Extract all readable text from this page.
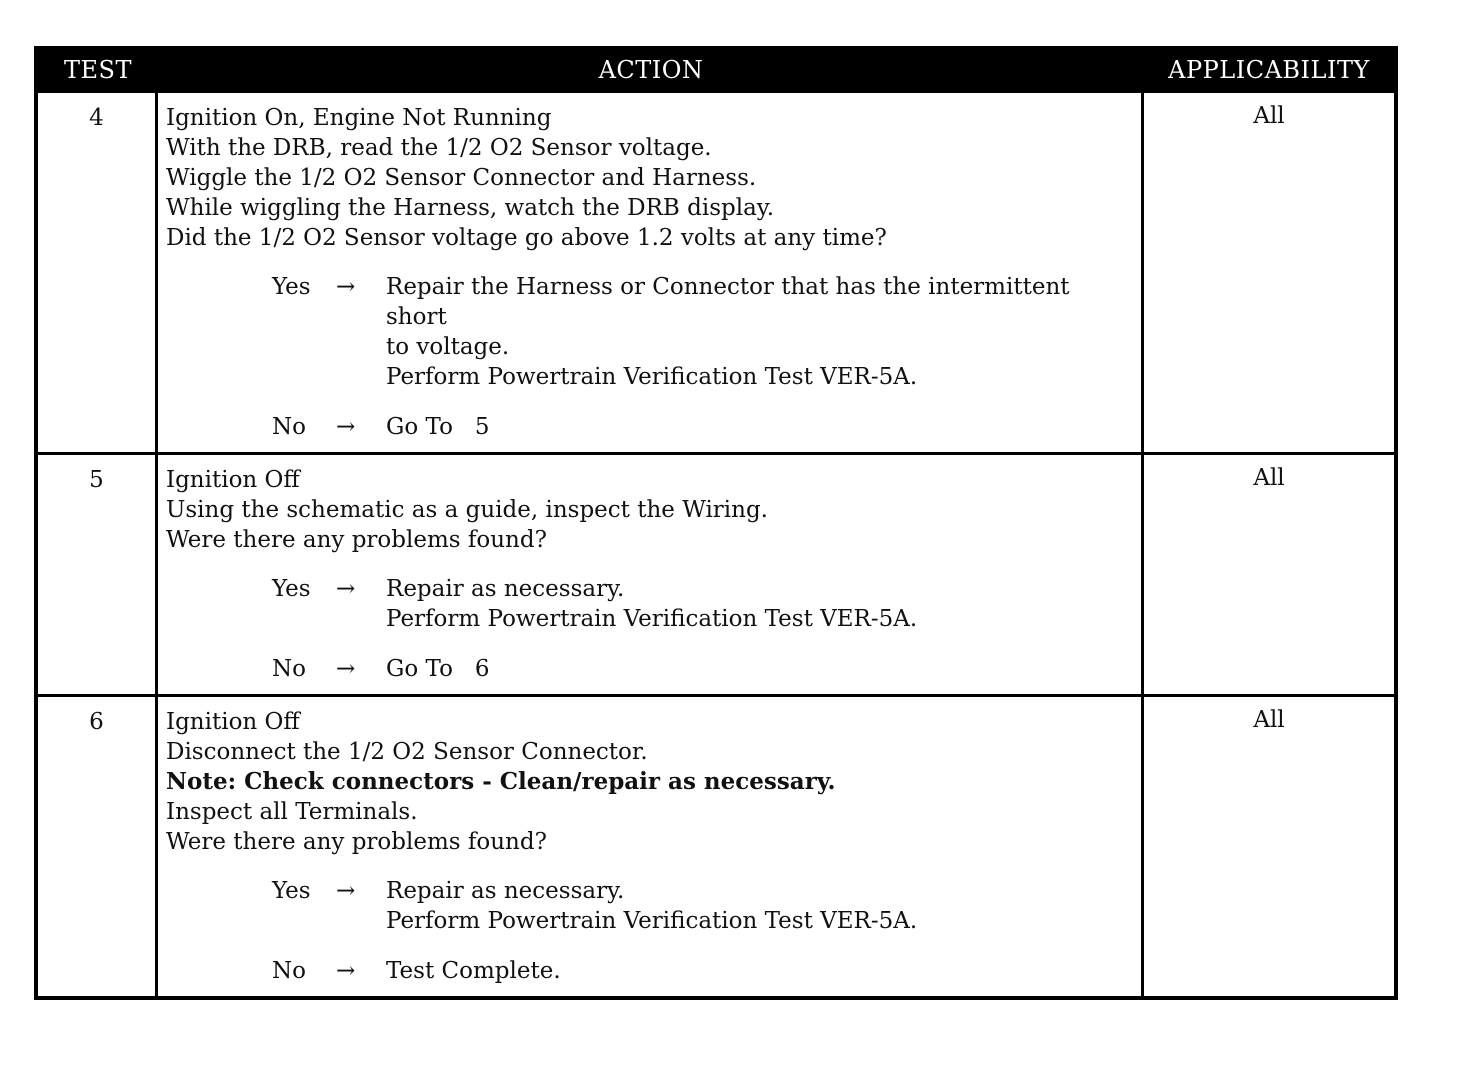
TEST	ACTION	APPLICABILITY
4	Ignition On, Engine Not Running
With the DRB, read the 1/2 O2 Sensor voltage.
Wiggle the 1/2 O2 Sensor Connector and Harness.
While wiggling the Harness, watch the DRB display.
Did the 1/2 O2 Sensor voltage go above 1.2 volts at any time?
Yes	→	Repair the Harness or Connector that has the intermittent short
to voltage.
Perform Powertrain Verification Test VER-5A.
No	→	Go To   5
All
5	Ignition Off
Using the schematic as a guide, inspect the Wiring.
Were there any problems found?
Yes	→	Repair as necessary.
Perform Powertrain Verification Test VER-5A.
No	→	Go To   6
All
6	Ignition Off
Disconnect the 1/2 O2 Sensor Connector.
Note: Check connectors - Clean/repair as necessary.
Inspect all Terminals.
Were there any problems found?
Yes	→	Repair as necessary.
Perform Powertrain Verification Test VER-5A.
No	→	Test Complete.
All
